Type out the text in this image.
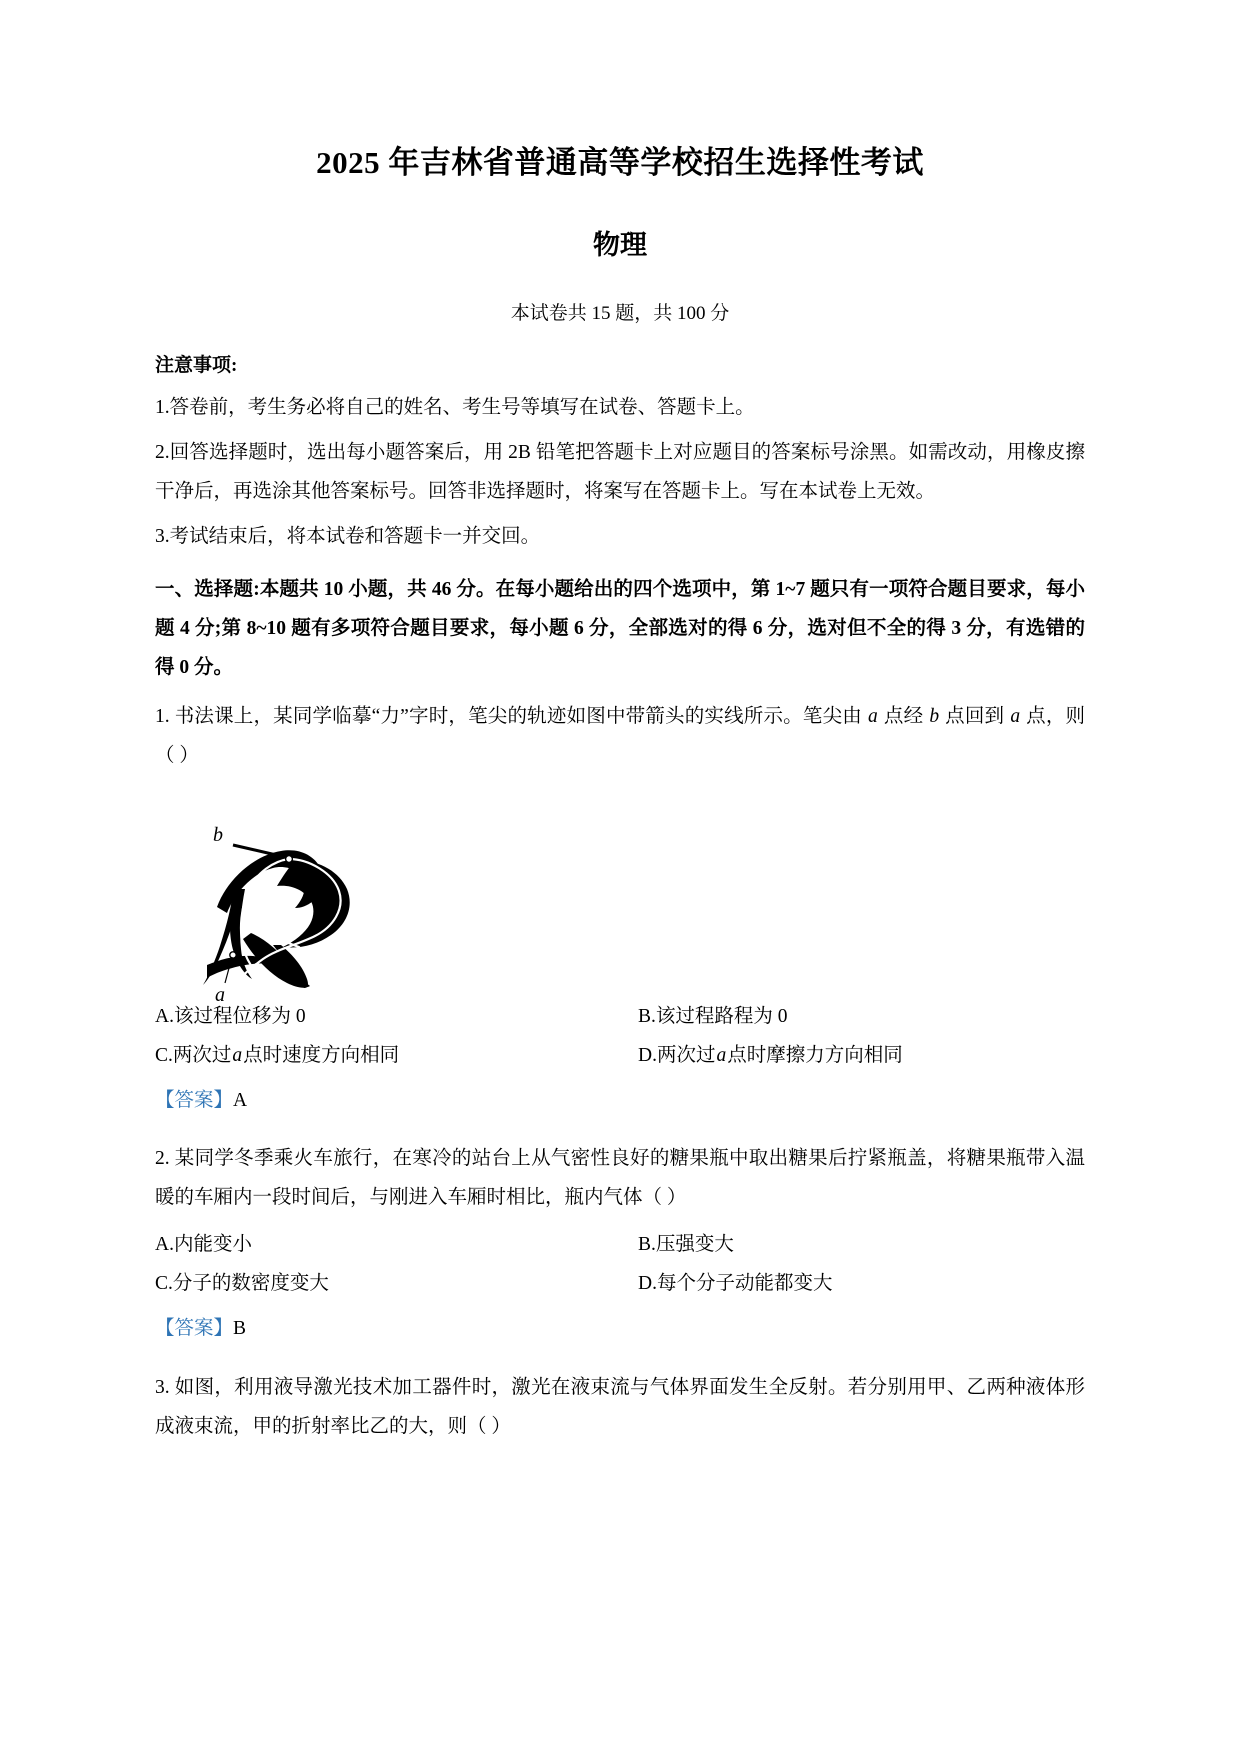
2025 年吉林省普通高等学校招生选择性考试
物理

本试卷共 15 题，共 100 分

注意事项:

1.答卷前，考生务必将自己的姓名、考生号等填写在试卷、答题卡上。

2.回答选择题时，选出每小题答案后，用 2B 铅笔把答题卡上对应题目的答案标号涂黑。如需改动，用橡皮擦干净后，再选涂其他答案标号。回答非选择题时，将案写在答题卡上。写在本试卷上无效。

3.考试结束后，将本试卷和答题卡一并交回。

一、选择题:本题共 10 小题，共 46 分。在每小题给出的四个选项中，第 1~7 题只有一项符合题目要求，每小题 4 分;第 8~10 题有多项符合题目要求，每小题 6 分，全部选对的得 6 分，选对但不全的得 3 分，有选错的得 0 分。

1. 书法课上，某同学临摹“力”字时，笔尖的轨迹如图中带箭头的实线所示。笔尖由 a 点经 b 点回到 a 点，则（ ）

b
a
A.该过程位移为 0	B.该过程路程为 0
C.两次过a点时速度方向相同	D.两次过a点时摩擦力方向相同

【答案】A

2. 某同学冬季乘火车旅行，在寒冷的站台上从气密性良好的糖果瓶中取出糖果后拧紧瓶盖，将糖果瓶带入温暖的车厢内一段时间后，与刚进入车厢时相比，瓶内气体（ ）

A.内能变小	B.压强变大
C.分子的数密度变大	D.每个分子动能都变大

【答案】B

3. 如图，利用液导激光技术加工器件时，激光在液束流与气体界面发生全反射。若分别用甲、乙两种液体形成液束流，甲的折射率比乙的大，则（ ）
